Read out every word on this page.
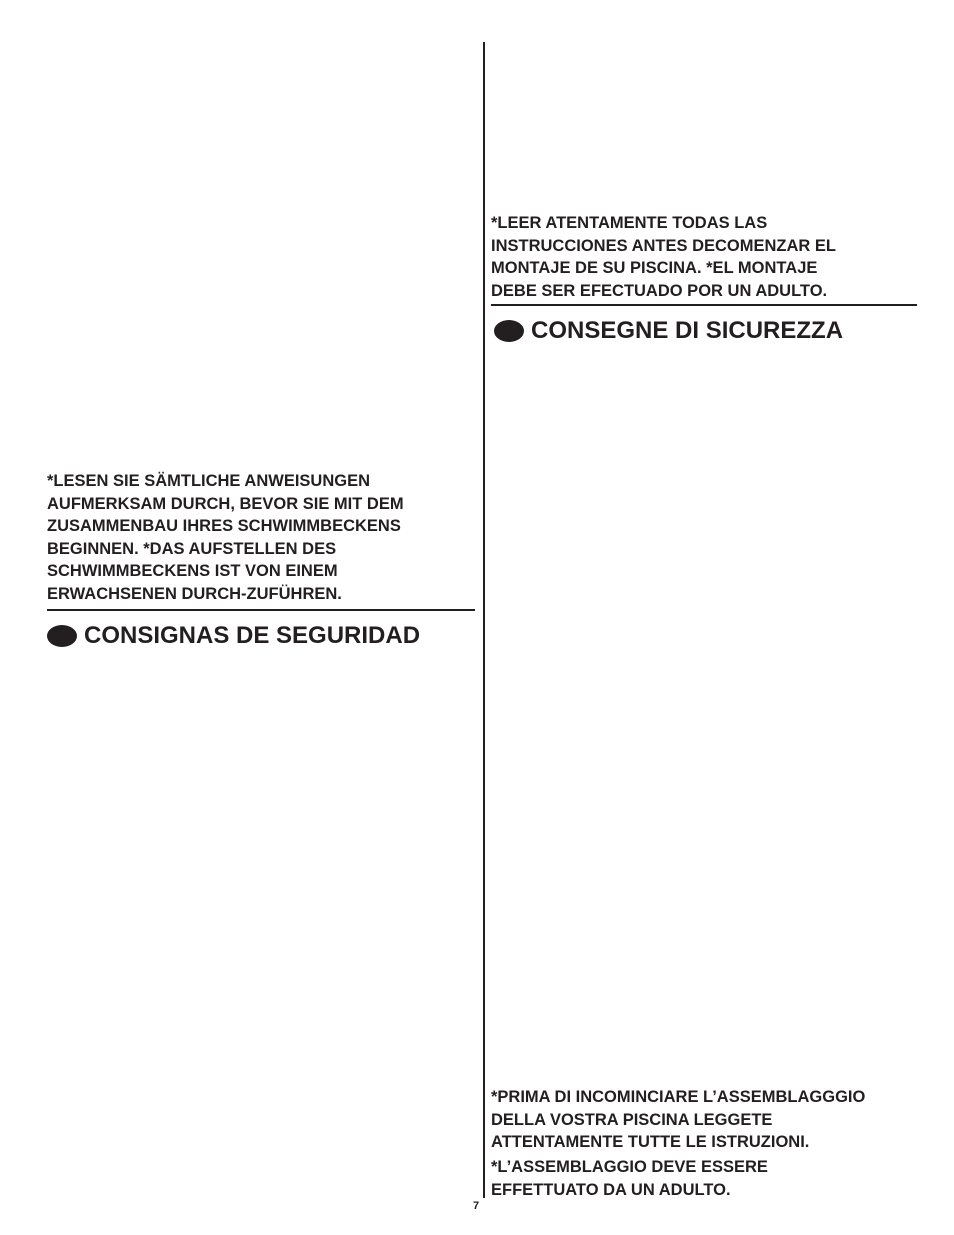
*LESEN SIE SÄMTLICHE ANWEISUNGEN
AUFMERKSAM DURCH, BEVOR SIE MIT DEM
ZUSAMMENBAU IHRES SCHWIMMBECKENS
BEGINNEN. *DAS AUFSTELLEN DES
SCHWIMMBECKENS IST VON EINEM
ERWACHSENEN DURCH-ZUFÜHREN.

CONSIGNAS DE SEGURIDAD

*LEER ATENTAMENTE TODAS LAS
INSTRUCCIONES ANTES DECOMENZAR EL
MONTAJE DE SU PISCINA. *EL MONTAJE
DEBE SER EFECTUADO POR UN ADULTO.

CONSEGNE DI SICUREZZA

*PRIMA DI INCOMINCIARE L’ASSEMBLAGGGIO
DELLA VOSTRA PISCINA LEGGETE
ATTENTAMENTE TUTTE LE ISTRUZIONI.

*L’ASSEMBLAGGIO DEVE ESSERE
EFFETTUATO DA UN ADULTO.

7
